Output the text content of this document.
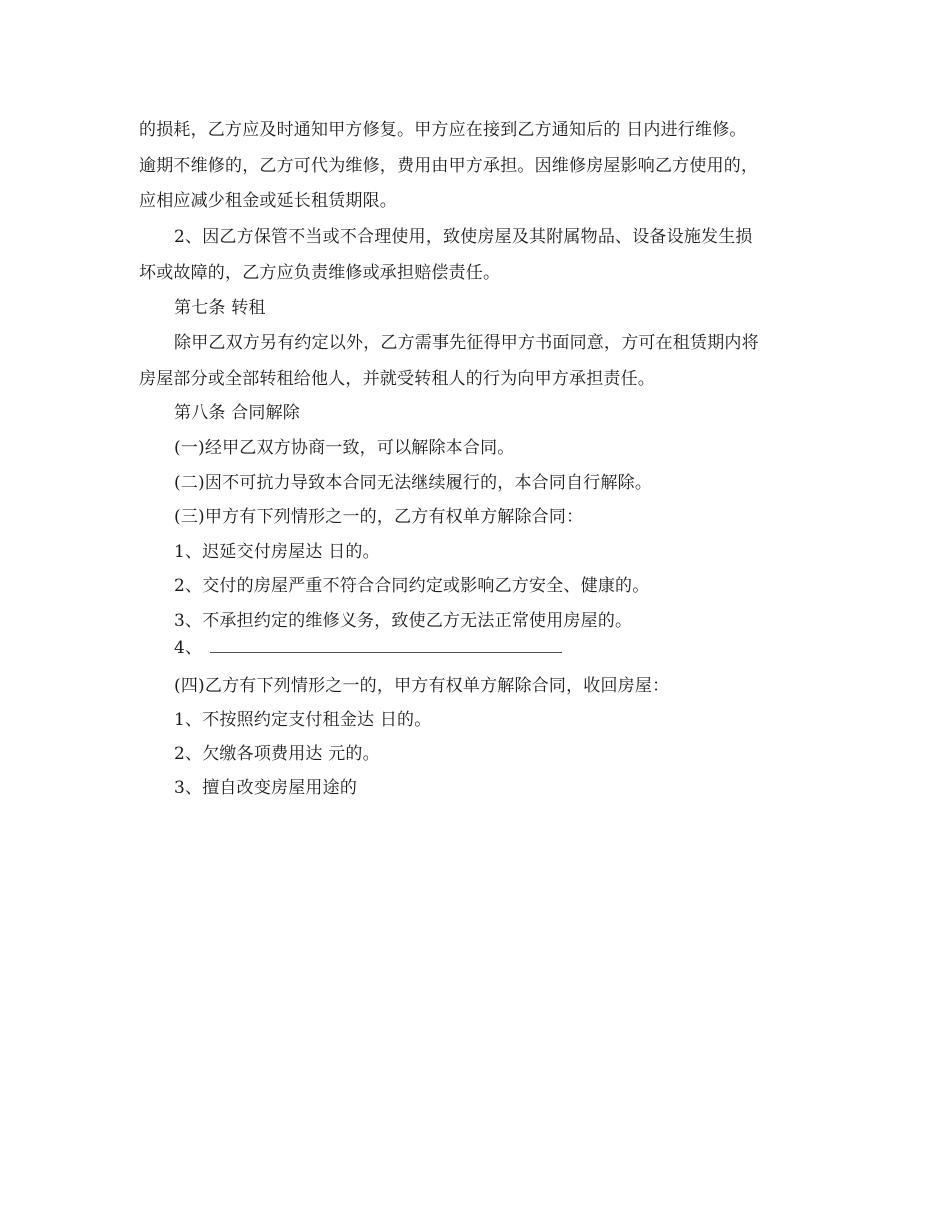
的损耗，乙方应及时通知甲方修复。甲方应在接到乙方通知后的 日内进行维修。
逾期不维修的，乙方可代为维修，费用由甲方承担。因维修房屋影响乙方使用的，
应相应减少租金或延长租赁期限。
2、因乙方保管不当或不合理使用，致使房屋及其附属物品、设备设施发生损
坏或故障的，乙方应负责维修或承担赔偿责任。
第七条 转租
除甲乙双方另有约定以外，乙方需事先征得甲方书面同意，方可在租赁期内将
房屋部分或全部转租给他人，并就受转租人的行为向甲方承担责任。
第八条 合同解除
(一)经甲乙双方协商一致，可以解除本合同。
(二)因不可抗力导致本合同无法继续履行的，本合同自行解除。
(三)甲方有下列情形之一的，乙方有权单方解除合同：
1、迟延交付房屋达 日的。
2、交付的房屋严重不符合合同约定或影响乙方安全、健康的。
3、不承担约定的维修义务，致使乙方无法正常使用房屋的。
4、
(四)乙方有下列情形之一的，甲方有权单方解除合同，收回房屋：
1、不按照约定支付租金达 日的。
2、欠缴各项费用达 元的。
3、擅自改变房屋用途的
